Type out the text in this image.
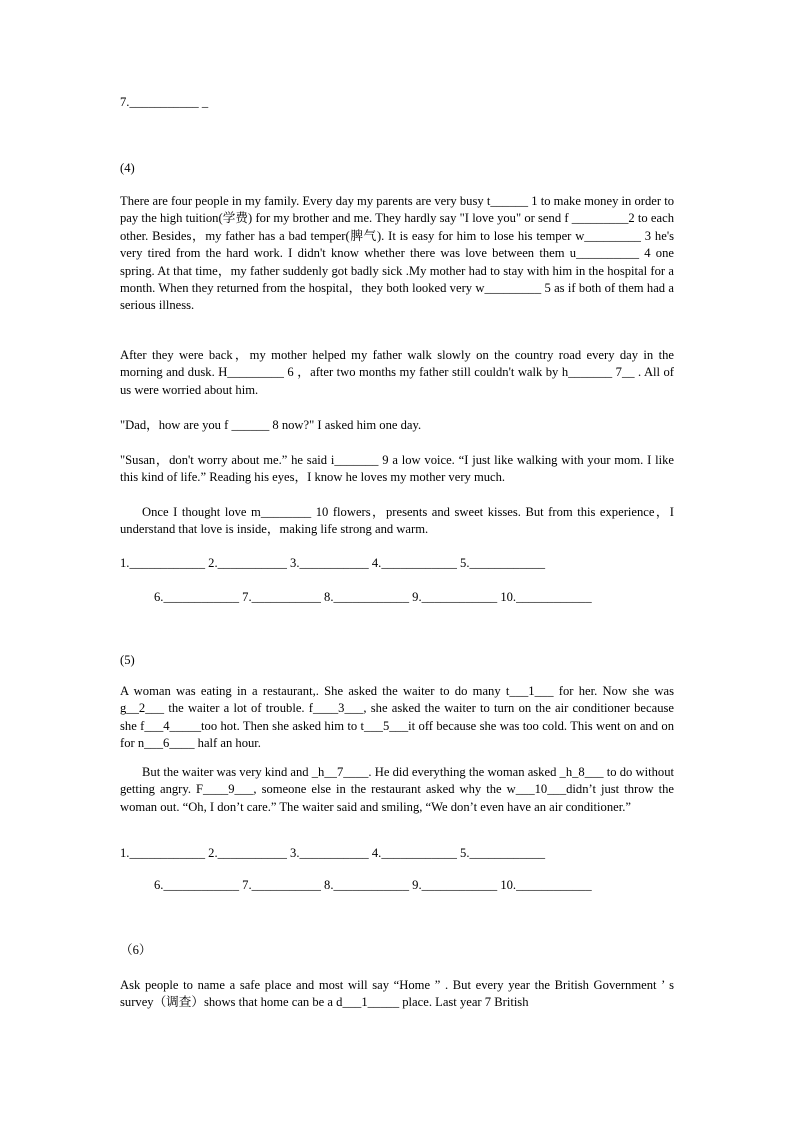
7.___________ _

(4)

There are four people in my family. Every day my parents are very busy t______ 1 to make money in order to pay the high tuition(学费) for my brother and me. They hardly say "I love you" or send f _________2 to each other. Besides，my father has a bad temper(脾气). It is easy for him to lose his temper w_________ 3 he's very tired from the hard work. I didn't know whether there was love between them u__________ 4 one spring. At that time，my father suddenly got badly sick .My mother had to stay with him in the hospital for a month. When they returned from the hospital，they both looked very w_________ 5 as if both of them had a serious illness.

After they were back，my mother helped my father walk slowly on the country road every day in the morning and dusk. H_________ 6 ，after two months my father still couldn't walk by h_______ 7__ . All of us were worried about him.

"Dad，how are you f ______ 8 now?" I asked him one day.

"Susan，don't worry about me.” he said i_______ 9 a low voice. “I just like walking with your mom. I like this kind of life.” Reading his eyes，I know he loves my mother very much.

Once I thought love m________ 10 flowers，presents and sweet kisses. But from this experience，I understand that love is inside，making life strong and warm.

1.____________ 2.___________ 3.___________ 4.____________ 5.____________
6.____________ 7.___________ 8.____________ 9.____________ 10.____________

(5)

A woman was eating in a restaurant,. She asked the waiter to do many t___1___ for her. Now she was g__2___ the waiter a lot of trouble. f____3___, she asked the waiter to turn on the air conditioner because she f___4_____too hot. Then she asked him to t___5___it off because she was too cold. This went on and on for n___6____ half an hour.

But the waiter was very kind and _h__7____. He did everything the woman asked _h_8___ to do without getting angry. F____9___, someone else in the restaurant asked why the w___10___didn’t just throw the woman out. “Oh, I don’t care.” The waiter said and smiling, “We don’t even have an air conditioner.”

1.____________ 2.___________ 3.___________ 4.____________ 5.____________
6.____________ 7.___________ 8.____________ 9.____________ 10.____________

（6）

Ask people to name a safe place and most will say “Home ” . But every year the British Government ’ s survey（调查）shows that home can be a d___1_____ place. Last year 7 British
